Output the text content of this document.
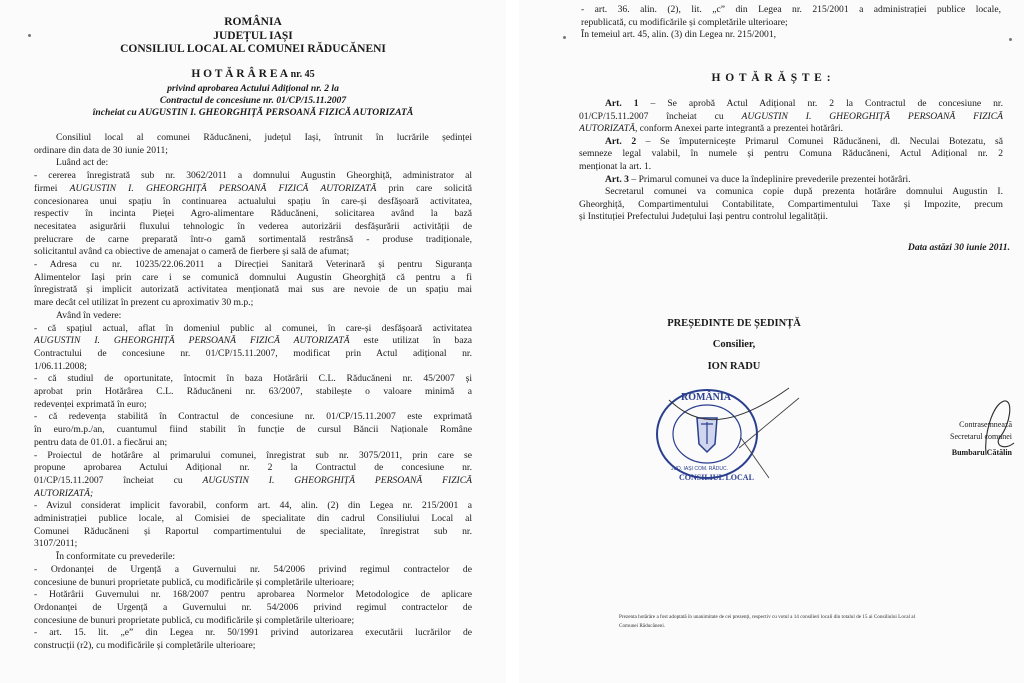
ROMÂNIA
JUDEȚUL IAȘI
CONSILIUL LOCAL AL COMUNEI RĂDUCĂNENI
H O T Ă R Â R E A nr. 45
privind aprobarea Actului Adițional nr. 2 la
Contractul de concesiune nr. 01/CP/15.11.2007
încheiat cu AUGUSTIN I. GHEORGHIȚĂ PERSOANĂ FIZICĂ AUTORIZATĂ
Consiliul local al comunei Răducăneni, județul Iași, întrunit în lucrările ședinței
ordinare din data de 30 iunie 2011;
Luând act de:
- cererea înregistrată sub nr. 3062/2011 a domnului Augustin Gheorghiță, administrator al
firmei AUGUSTIN I. GHEORGHIȚĂ PERSOANĂ FIZICĂ AUTORIZATĂ prin care solicită
concesionarea unui spațiu în continuarea actualului spațiu în care-și desfășoară activitatea,
respectiv în incinta Pieței Agro-alimentare Răducăneni, solicitarea având la bază
necesitatea asigurării fluxului tehnologic în vederea autorizării desfășurării activității de
prelucrare de carne preparată într-o gamă sortimentală restrânsă - produse tradiționale,
solicitantul având ca obiective de amenajat o cameră de fierbere și sală de afumat;
- Adresa cu nr. 10235/22.06.2011 a Direcției Sanitară Veterinară și pentru Siguranța
Alimentelor Iași prin care i se comunică domnului Augustin Gheorghiță că pentru a fi
înregistrată și implicit autorizată activitatea menționată mai sus are nevoie de un spațiu mai
mare decât cel utilizat în prezent cu aproximativ 30 m.p.;
Având în vedere:
- că spațiul actual, aflat în domeniul public al comunei, în care-și desfășoară activitatea
AUGUSTIN I. GHEORGHIȚĂ PERSOANĂ FIZICĂ AUTORIZATĂ este utilizat în baza
Contractului de concesiune nr. 01/CP/15.11.2007, modificat prin Actul adițional nr.
1/06.11.2008;
- că studiul de oportunitate, întocmit în baza Hotărârii C.L. Răducăneni nr. 45/2007 și
aprobat prin Hotărârea C.L. Răducăneni nr. 63/2007, stabilește o valoare minimă a
redevenței exprimată în euro;
- că redevența stabilită în Contractul de concesiune nr. 01/CP/15.11.2007 este exprimată
în euro/m.p./an, cuantumul fiind stabilit în funcție de cursul Băncii Naționale Române
pentru data de 01.01. a fiecărui an;
- Proiectul de hotărâre al primarului comunei, înregistrat sub nr. 3075/2011, prin care se
propune aprobarea Actului Adițional nr. 2 la Contractul de concesiune nr.
01/CP/15.11.2007 încheiat cu AUGUSTIN I. GHEORGHIȚĂ PERSOANĂ FIZICĂ
AUTORIZATĂ;
- Avizul considerat implicit favorabil, conform art. 44, alin. (2) din Legea nr. 215/2001 a
administrației publice locale, al Comisiei de specialitate din cadrul Consiliului Local al
Comunei Răducăneni și Raportul compartimentului de specialitate, înregistrat sub nr.
3107/2011;
În conformitate cu prevederile:
- Ordonanței de Urgență a Guvernului nr. 54/2006 privind regimul contractelor de
concesiune de bunuri proprietate publică, cu modificările și completările ulterioare;
- Hotărârii Guvernului nr. 168/2007 pentru aprobarea Normelor Metodologice de aplicare
Ordonanței de Urgență a Guvernului nr. 54/2006 privind regimul contractelor de
concesiune de bunuri proprietate publică, cu modificările și completările ulterioare;
- art. 15. lit. „e” din Legea nr. 50/1991 privind autorizarea executării lucrărilor de
construcții (r2), cu modificările și completările ulterioare;
- art. 36. alin. (2), lit. „c” din Legea nr. 215/2001 a administrației publice locale,
republicată, cu modificările și completările ulterioare;
În temeiul art. 45, alin. (3) din Legea nr. 215/2001,
H O T Ă R Ă Ș T E :
Art. 1 – Se aprobă Actul Adițional nr. 2 la Contractul de concesiune nr.
01/CP/15.11.2007 încheiat cu AUGUSTIN I. GHEORGHIȚĂ PERSOANĂ FIZICĂ
AUTORIZATĂ, conform Anexei parte integrantă a prezentei hotărâri.
Art. 2 – Se împuternicește Primarul Comunei Răducăneni, dl. Neculai Botezatu, să
semneze legal valabil, în numele și pentru Comuna Răducăneni, Actul Adițional nr. 2
menționat la art. 1.
Art. 3 – Primarul comunei va duce la îndeplinire prevederile prezentei hotărâri.
Secretarul comunei va comunica copie după prezenta hotărâre domnului Augustin I.
Gheorghiță, Compartimentului Contabilitate, Compartimentului Taxe și Impozite, precum
și Instituției Prefectului Județului Iași pentru controlul legalității.
Data astăzi 30 iunie 2011.
PREȘEDINTE DE ȘEDINȚĂ
Consilier,
ION RADU
ROMÂNIA
JUD. IAȘI COM. RĂDUC.
CONSILIUL LOCAL
Contrasemnează
Secretarul comunei
Bumbaru Cătălin
Prezenta hotărâre a fost adoptată în unanimitate de cei prezenți, respectiv cu votul a 14 consilieri locali din totalul de 15 ai Consiliului Local al
Comunei Răducăneni.
